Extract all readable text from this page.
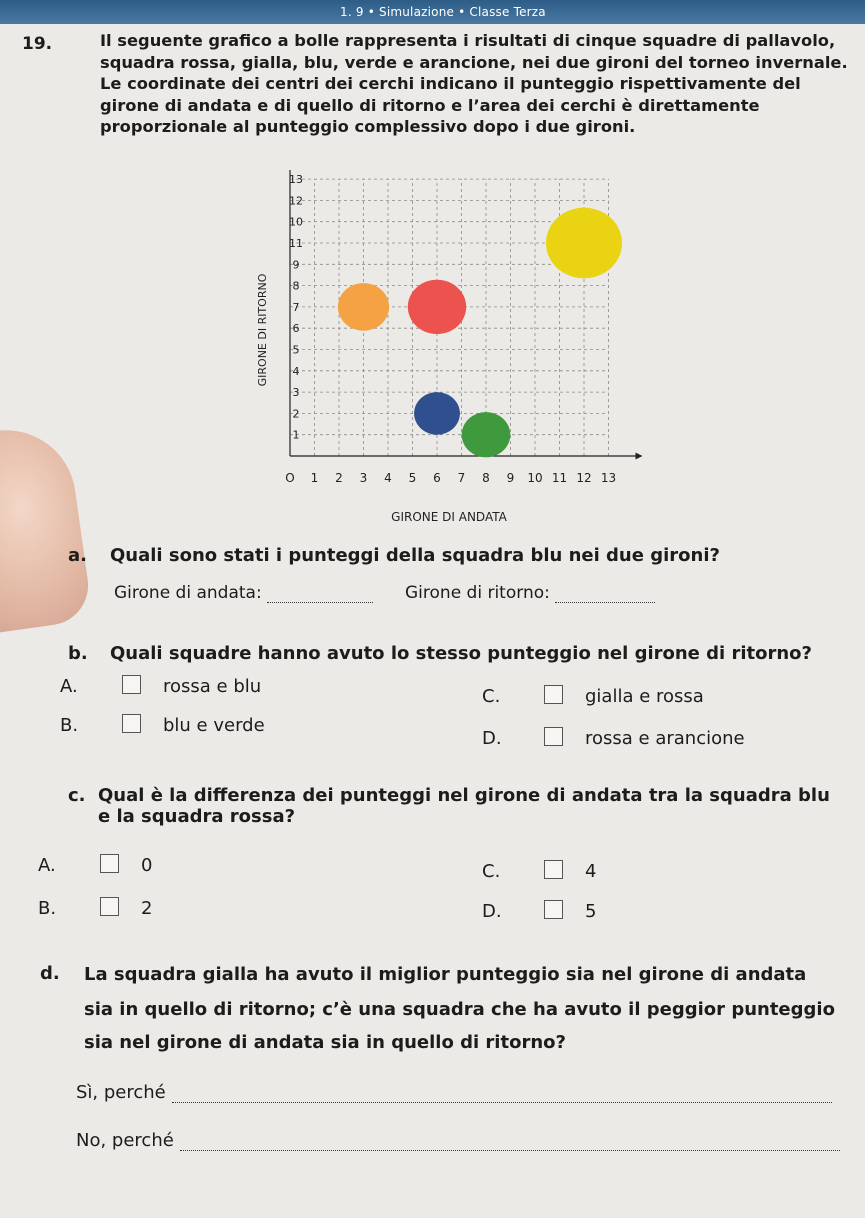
1. 9 • Simulazione • Classe Terza
19.	Il seguente grafico a bolle rappresenta i risultati di cinque squadre di pallavolo, squadra rossa, gialla, blu, verde e arancione, nei due gironi del torneo invernale. Le coordinate dei centri dei cerchi indicano il punteggio rispettivamente del girone di andata e di quello di ritorno e l’area dei cerchi è direttamente proporzionale al punteggio complessivo dopo i due gironi.

1
2
3
4
5
6
7
8
9
11
10
12
13
O 1 2 3 4 5 6 7 8 9 10 11 12 13
GIRONE DI RITORNO
GIRONE DI ANDATA
a. Quali sono stati i punteggi della squadra blu nei due gironi?
Girone di andata:	Girone di ritorno:
b. Quali squadre hanno avuto lo stesso punteggio nel girone di ritorno?
A.	rossa e blu
B.	blu e verde
C.	gialla e rossa
D.	rossa e arancione
c. Qual è la differenza dei punteggi nel girone di andata tra la squadra blu
e la squadra rossa?
A.	0
B.	2
C.	4
D.	5
d. La squadra gialla ha avuto il miglior punteggio sia nel girone di andata
sia in quello di ritorno; c’è una squadra che ha avuto il peggior punteggio
sia nel girone di andata sia in quello di ritorno?
Sì, perché
No, perché
